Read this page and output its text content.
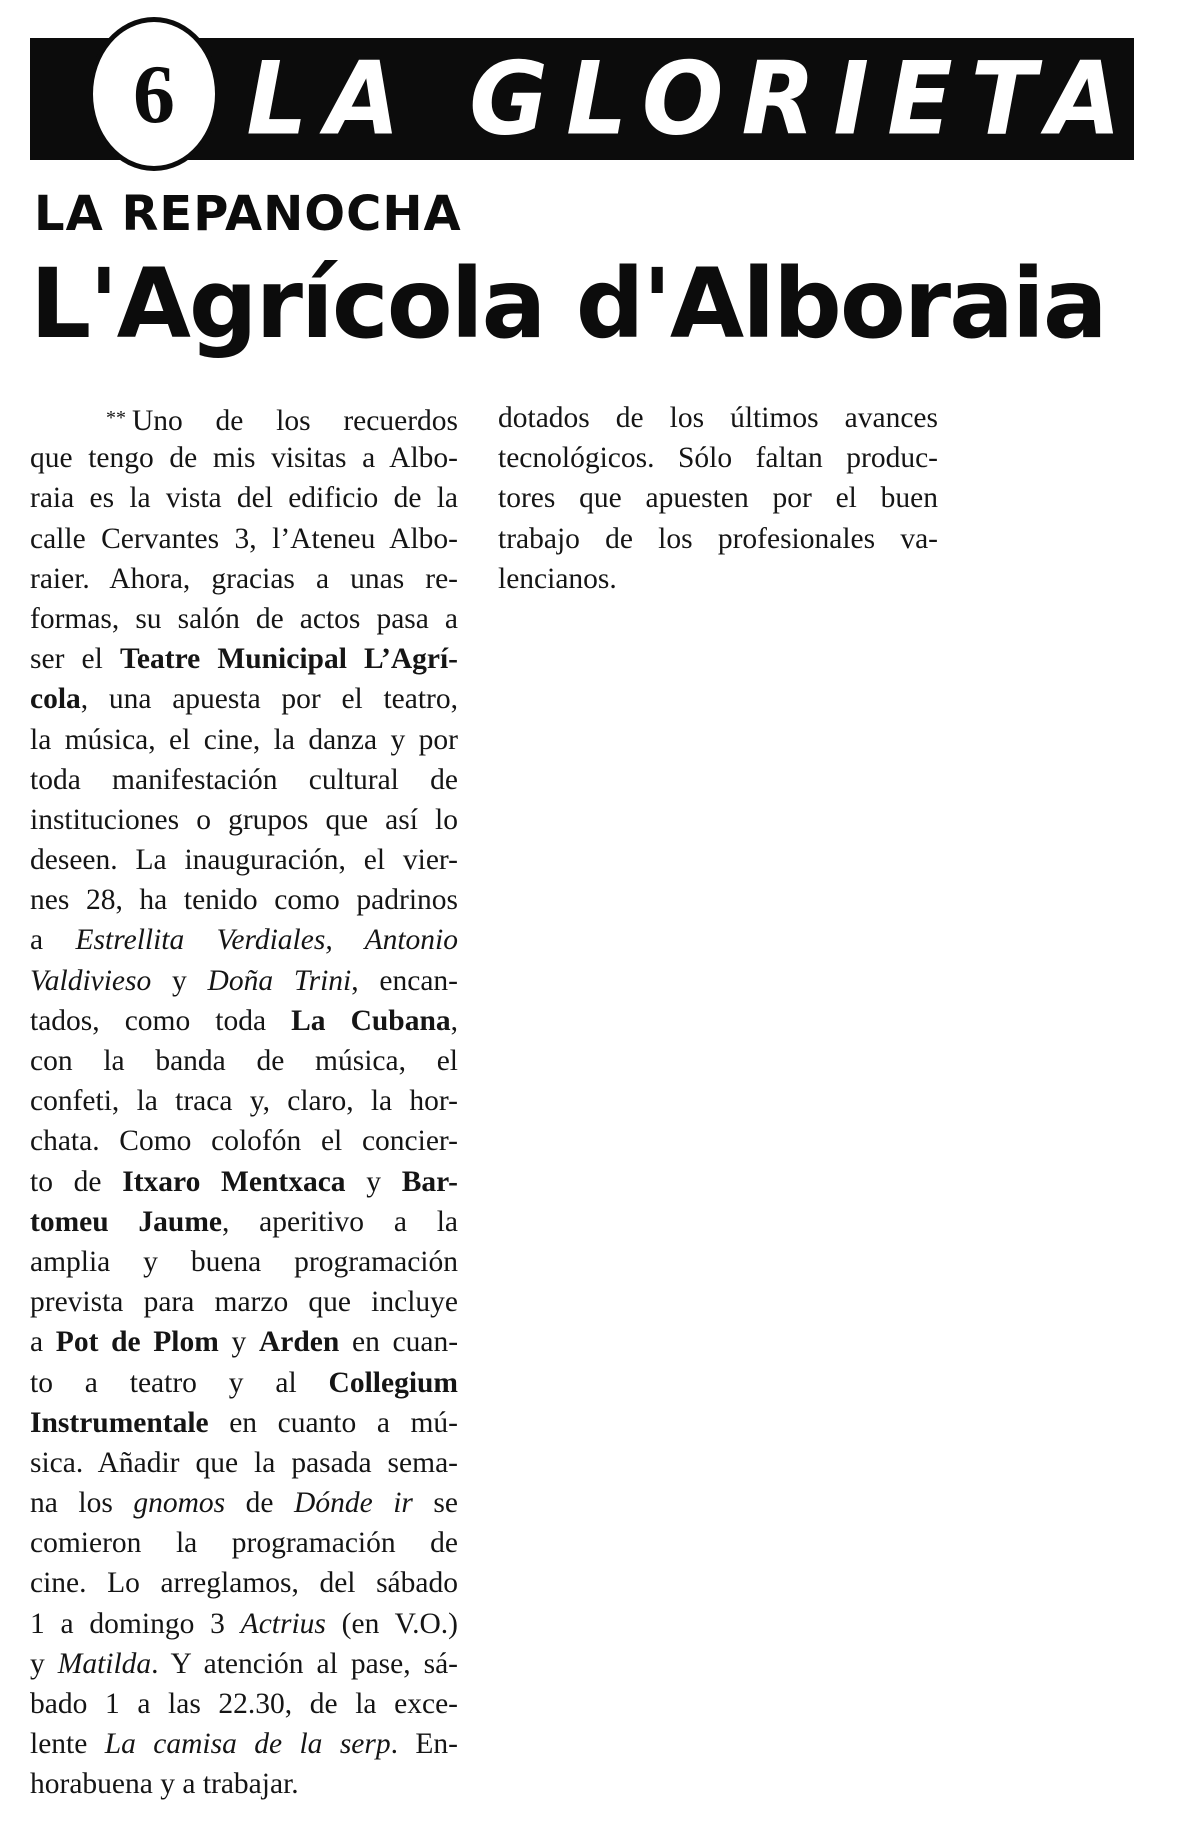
6 LA GLORIETA
LA REPANOCHA
L'Agrícola d'Alboraia
** Uno de los recuerdos
que tengo de mis visitas a Albo-
raia es la vista del edificio de la
calle Cervantes 3, l’Ateneu Albo-
raier. Ahora, gracias a unas re-
formas, su salón de actos pasa a
ser el Teatre Municipal L’Agrí-
cola, una apuesta por el teatro,
la música, el cine, la danza y por
toda manifestación cultural de
instituciones o grupos que así lo
deseen. La inauguración, el vier-
nes 28, ha tenido como padrinos
a Estrellita Verdiales, Antonio
Valdivieso y Doña Trini, encan-
tados, como toda La Cubana,
con la banda de música, el
confeti, la traca y, claro, la hor-
chata. Como colofón el concier-
to de Itxaro Mentxaca y Bar-
tomeu Jaume, aperitivo a la
amplia y buena programación
prevista para marzo que incluye
a Pot de Plom y Arden en cuan-
to a teatro y al Collegium
Instrumentale en cuanto a mú-
sica. Añadir que la pasada sema-
na los gnomos de Dónde ir se
comieron la programación de
cine. Lo arreglamos, del sábado
1 a domingo 3 Actrius (en V.O.)
y Matilda. Y atención al pase, sá-
bado 1 a las 22.30, de la exce-
lente La camisa de la serp. En-
horabuena y a trabajar.
dotados de los últimos avances
tecnológicos. Sólo faltan produc-
tores que apuesten por el buen
trabajo de los profesionales va-
lencianos.
